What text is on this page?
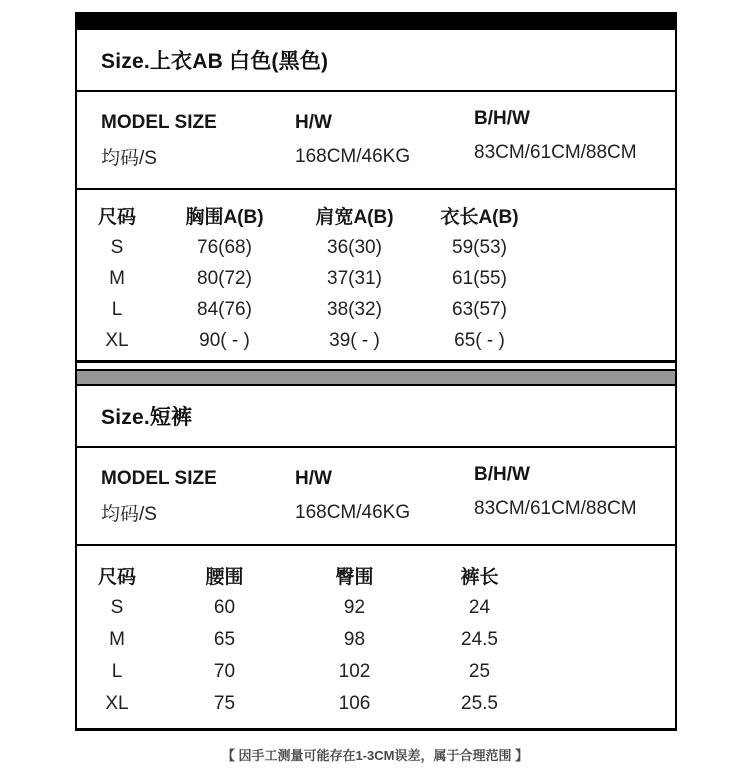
Size.上衣AB 白色(黑色)
MODEL SIZE	H/W	B/H/W
均码/S	168CM/46KG	83CM/61CM/88CM
尺码	胸围A(B)	肩宽A(B)	衣长A(B)
S	76(68)	36(30)	59(53)
M	80(72)	37(31)	61(55)
L	84(76)	38(32)	63(57)
XL	90( - )	39( - )	65( - )
Size.短裤
MODEL SIZE	H/W	B/H/W
均码/S	168CM/46KG	83CM/61CM/88CM
尺码	腰围	臀围	裤长
S	60	92	24
M	65	98	24.5
L	70	102	25
XL	75	106	25.5
【 因手工测量可能存在1-3CM误差，属于合理范围 】
